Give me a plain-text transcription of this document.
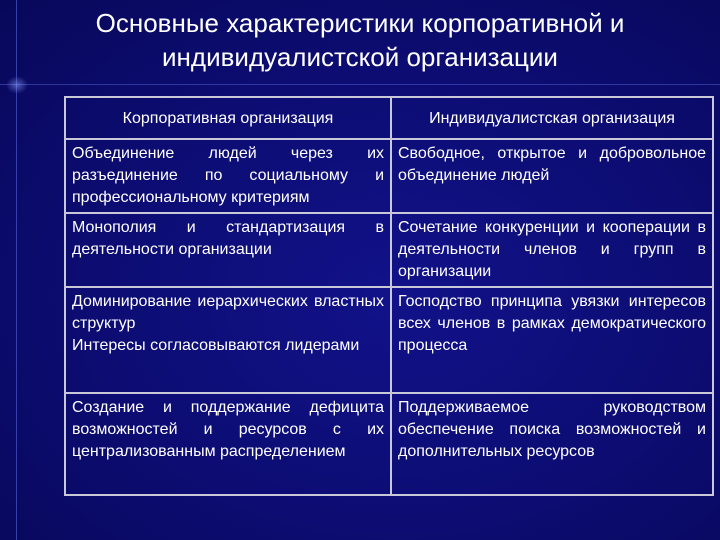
Основные характеристики корпоративной и индивидуалистской организации
Корпоративная организация	Индивидуалистская организация

Объединение людей через их разъединение по социальному и профессиональному критериям	Свободное, открытое и добровольное объединение людей

Монополия и стандартизация в деятельности организации	Сочетание конкуренции и кооперации в деятельности членов и групп в организации

Доминирование иерархических властных структур
Интересы согласовываются лидерами	Господство принципа увязки интересов всех членов в рамках демократического процесса

Создание и поддержание дефицита возможностей и ресурсов с их централизованным распределением	Поддерживаемое руководством обеспечение поиска возможностей и дополнительных ресурсов
